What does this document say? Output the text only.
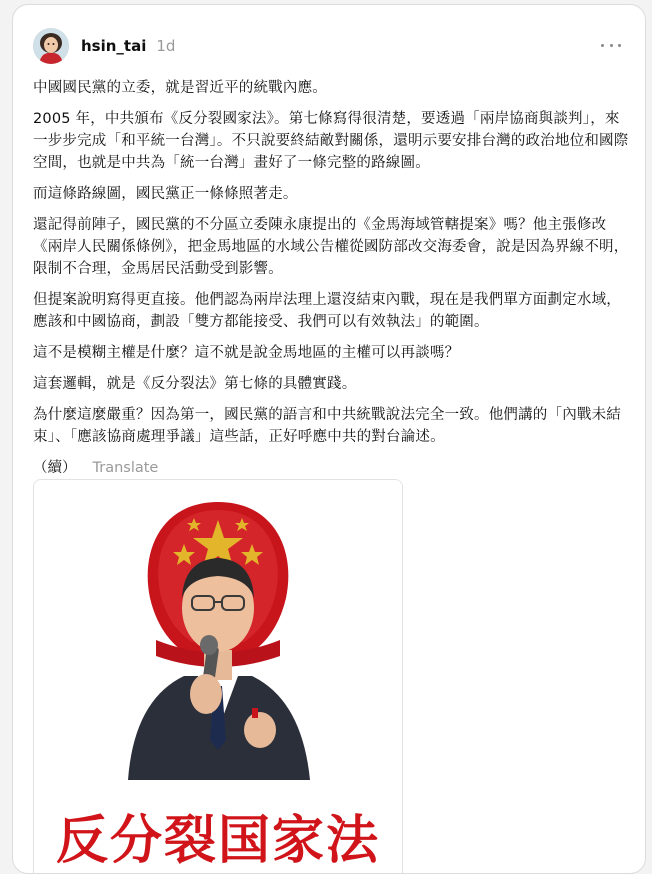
hsin_tai 1d

中國國民黨的立委，就是習近平的統戰內應。

2005 年，中共頒布《反分裂國家法》。第七條寫得很清楚，要透過「兩岸協商與談判」，來一步步完成「和平統一台灣」。不只說要終結敵對關係，還明示要安排台灣的政治地位和國際空間，也就是中共為「統一台灣」畫好了一條完整的路線圖。

而這條路線圖，國民黨正一條條照著走。

還記得前陣子，國民黨的不分區立委陳永康提出的《金馬海域管轄提案》嗎？他主張修改《兩岸人民關係條例》，把金馬地區的水域公告權從國防部改交海委會，說是因為界線不明，限制不合理，金馬居民活動受到影響。

但提案說明寫得更直接。他們認為兩岸法理上還沒結束內戰，現在是我們單方面劃定水域，應該和中國協商，劃設「雙方都能接受、我們可以有效執法」的範圍。

這不是模糊主權是什麼？這不就是說金馬地區的主權可以再談嗎？

這套邏輯，就是《反分裂法》第七條的具體實踐。

為什麼這麼嚴重？因為第一，國民黨的語言和中共統戰說法完全一致。他們講的「內戰未結束」、「應該協商處理爭議」這些話，正好呼應中共的對台論述。

（續） Translate
反分裂国家法
